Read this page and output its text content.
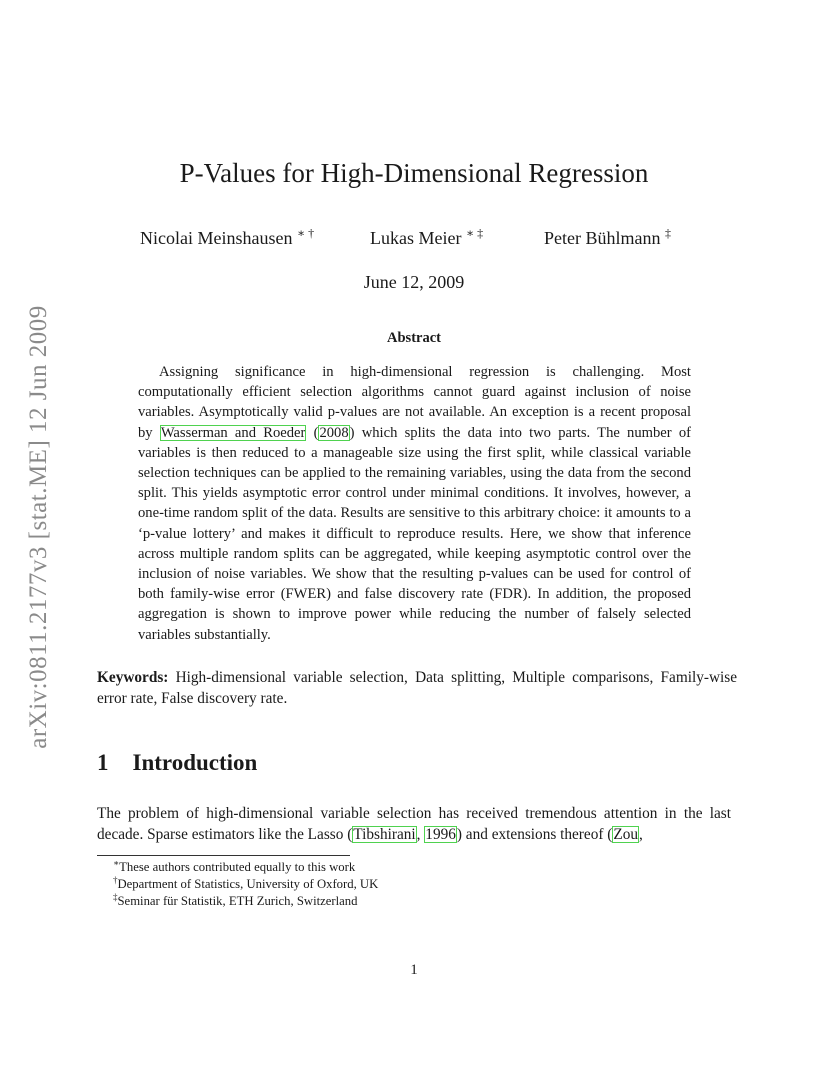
arXiv:0811.2177v3 [stat.ME] 12 Jun 2009
P-Values for High-Dimensional Regression
Nicolai Meinshausen ∗ †	Lukas Meier ∗ ‡	Peter Bühlmann ‡
June 12, 2009
Abstract

Assigning significance in high-dimensional regression is challenging. Most computationally efficient selection algorithms cannot guard against inclusion of noise variables. Asymptotically valid p-values are not available. An exception is a recent proposal by Wasserman and Roeder (2008) which splits the data into two parts. The number of variables is then reduced to a manageable size using the first split, while classical variable selection techniques can be applied to the remaining variables, using the data from the second split. This yields asymptotic error control under minimal conditions. It involves, however, a one-time random split of the data. Results are sensitive to this arbitrary choice: it amounts to a ‘p-value lottery’ and makes it difficult to reproduce results. Here, we show that inference across multiple random splits can be aggregated, while keeping asymptotic control over the inclusion of noise variables. We show that the resulting p-values can be used for control of both family-wise error (FWER) and false discovery rate (FDR). In addition, the proposed aggregation is shown to improve power while reducing the number of falsely selected variables substantially.

Keywords: High-dimensional variable selection, Data splitting, Multiple comparisons, Family-wise error rate, False discovery rate.
1 Introduction
The problem of high-dimensional variable selection has received tremendous attention in the last decade. Sparse estimators like the Lasso (Tibshirani, 1996) and extensions thereof (Zou,
∗These authors contributed equally to this work
†Department of Statistics, University of Oxford, UK
‡Seminar für Statistik, ETH Zurich, Switzerland
1
